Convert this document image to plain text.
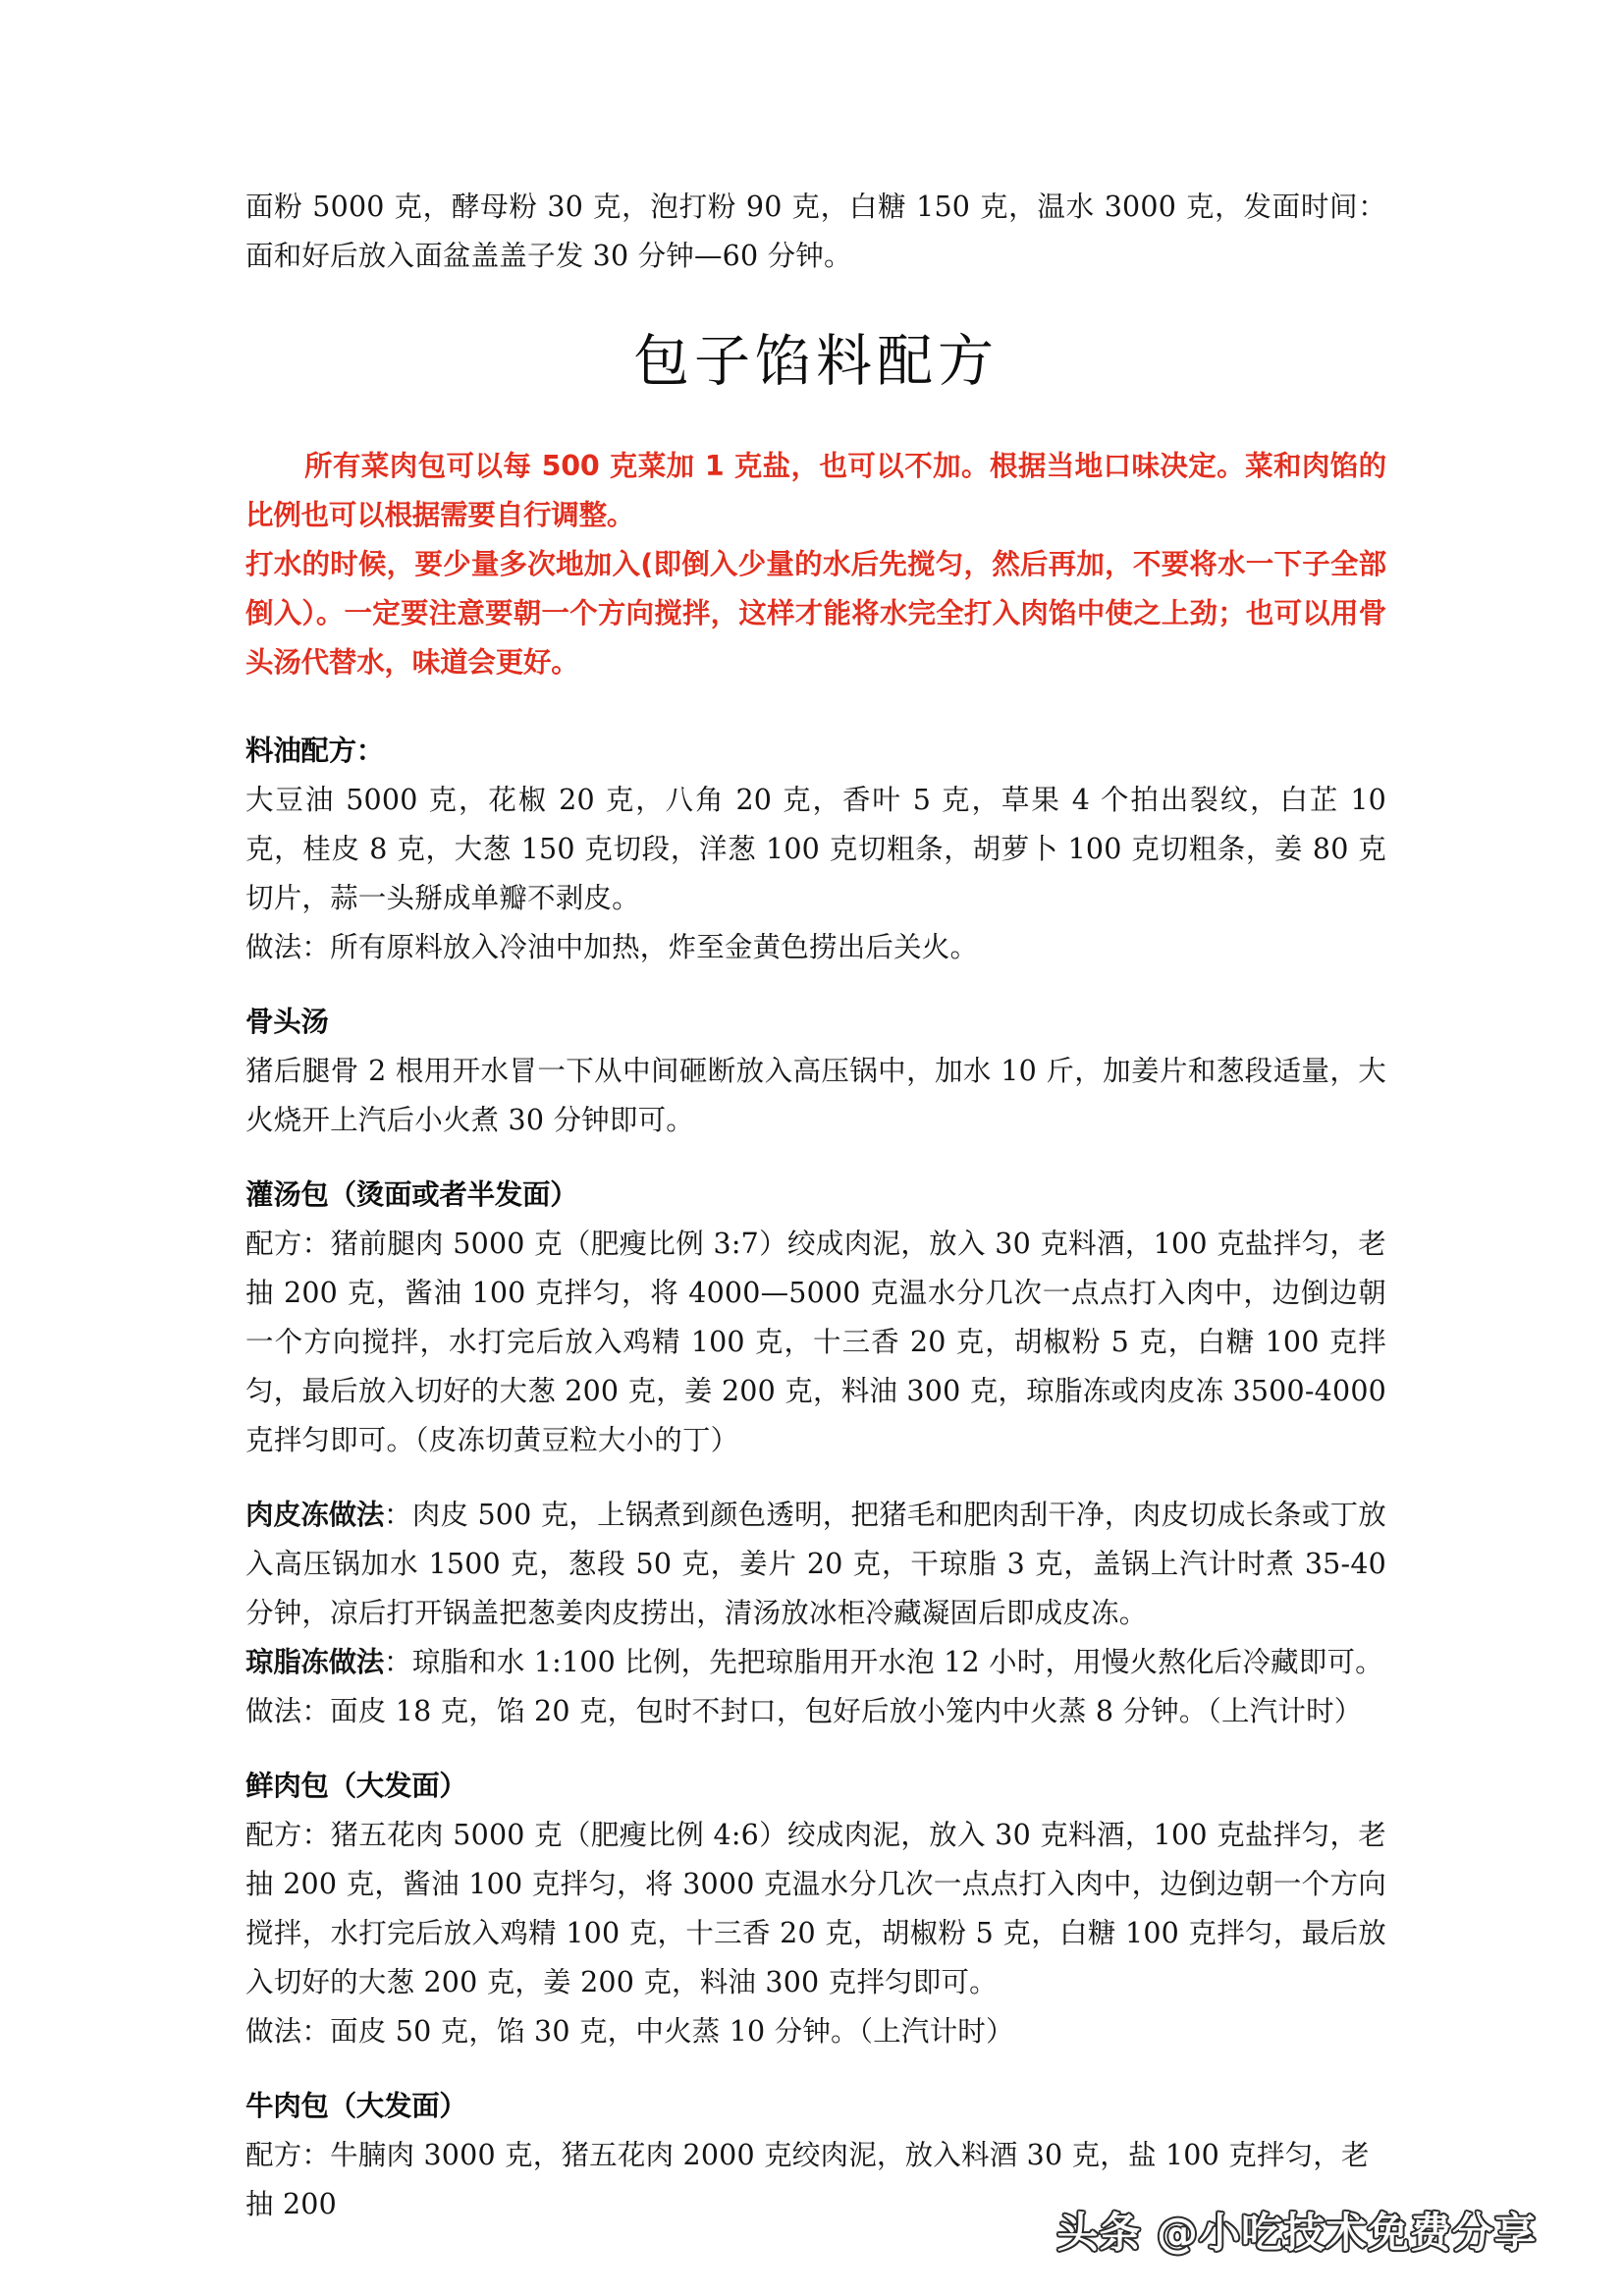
面粉 5000 克，酵母粉 30 克，泡打粉 90 克，白糖 150 克，温水 3000 克，发面时间：面和好后放入面盆盖盖子发 30 分钟—60 分钟。

包子馅料配方

所有菜肉包可以每 500 克菜加 1 克盐，也可以不加。根据当地口味决定。菜和肉馅的比例也可以根据需要自行调整。

打水的时候，要少量多次地加入(即倒入少量的水后先搅匀，然后再加，不要将水一下子全部倒入）。一定要注意要朝一个方向搅拌，这样才能将水完全打入肉馅中使之上劲；也可以用骨头汤代替水，味道会更好。

料油配方：

大豆油 5000 克，花椒 20 克，八角 20 克，香叶 5 克，草果 4 个拍出裂纹，白芷 10 克，桂皮 8 克，大葱 150 克切段，洋葱 100 克切粗条，胡萝卜 100 克切粗条，姜 80 克切片，蒜一头掰成单瓣不剥皮。

做法：所有原料放入冷油中加热，炸至金黄色捞出后关火。

骨头汤

猪后腿骨 2 根用开水冒一下从中间砸断放入高压锅中，加水 10 斤，加姜片和葱段适量，大火烧开上汽后小火煮 30 分钟即可。

灌汤包（烫面或者半发面）

配方：猪前腿肉 5000 克（肥瘦比例 3:7）绞成肉泥，放入 30 克料酒，100 克盐拌匀，老抽 200 克，酱油 100 克拌匀，将 4000—5000 克温水分几次一点点打入肉中，边倒边朝一个方向搅拌，水打完后放入鸡精 100 克，十三香 20 克，胡椒粉 5 克，白糖 100 克拌匀，最后放入切好的大葱 200 克，姜 200 克，料油 300 克，琼脂冻或肉皮冻 3500-4000 克拌匀即可。（皮冻切黄豆粒大小的丁）

肉皮冻做法：肉皮 500 克，上锅煮到颜色透明，把猪毛和肥肉刮干净，肉皮切成长条或丁放入高压锅加水 1500 克，葱段 50 克，姜片 20 克，干琼脂 3 克，盖锅上汽计时煮 35-40 分钟，凉后打开锅盖把葱姜肉皮捞出，清汤放冰柜冷藏凝固后即成皮冻。

琼脂冻做法：琼脂和水 1:100 比例，先把琼脂用开水泡 12 小时，用慢火熬化后冷藏即可。

做法：面皮 18 克，馅 20 克，包时不封口，包好后放小笼内中火蒸 8 分钟。（上汽计时）

鲜肉包（大发面）

配方：猪五花肉 5000 克（肥瘦比例 4:6）绞成肉泥，放入 30 克料酒，100 克盐拌匀，老抽 200 克，酱油 100 克拌匀，将 3000 克温水分几次一点点打入肉中，边倒边朝一个方向搅拌，水打完后放入鸡精 100 克，十三香 20 克，胡椒粉 5 克，白糖 100 克拌匀，最后放入切好的大葱 200 克，姜 200 克，料油 300 克拌匀即可。

做法：面皮 50 克，馅 30 克，中火蒸 10 分钟。（上汽计时）

牛肉包（大发面）

配方：牛腩肉 3000 克，猪五花肉 2000 克绞肉泥，放入料酒 30 克，盐 100 克拌匀，老抽 200

头条 @小吃技术免费分享
